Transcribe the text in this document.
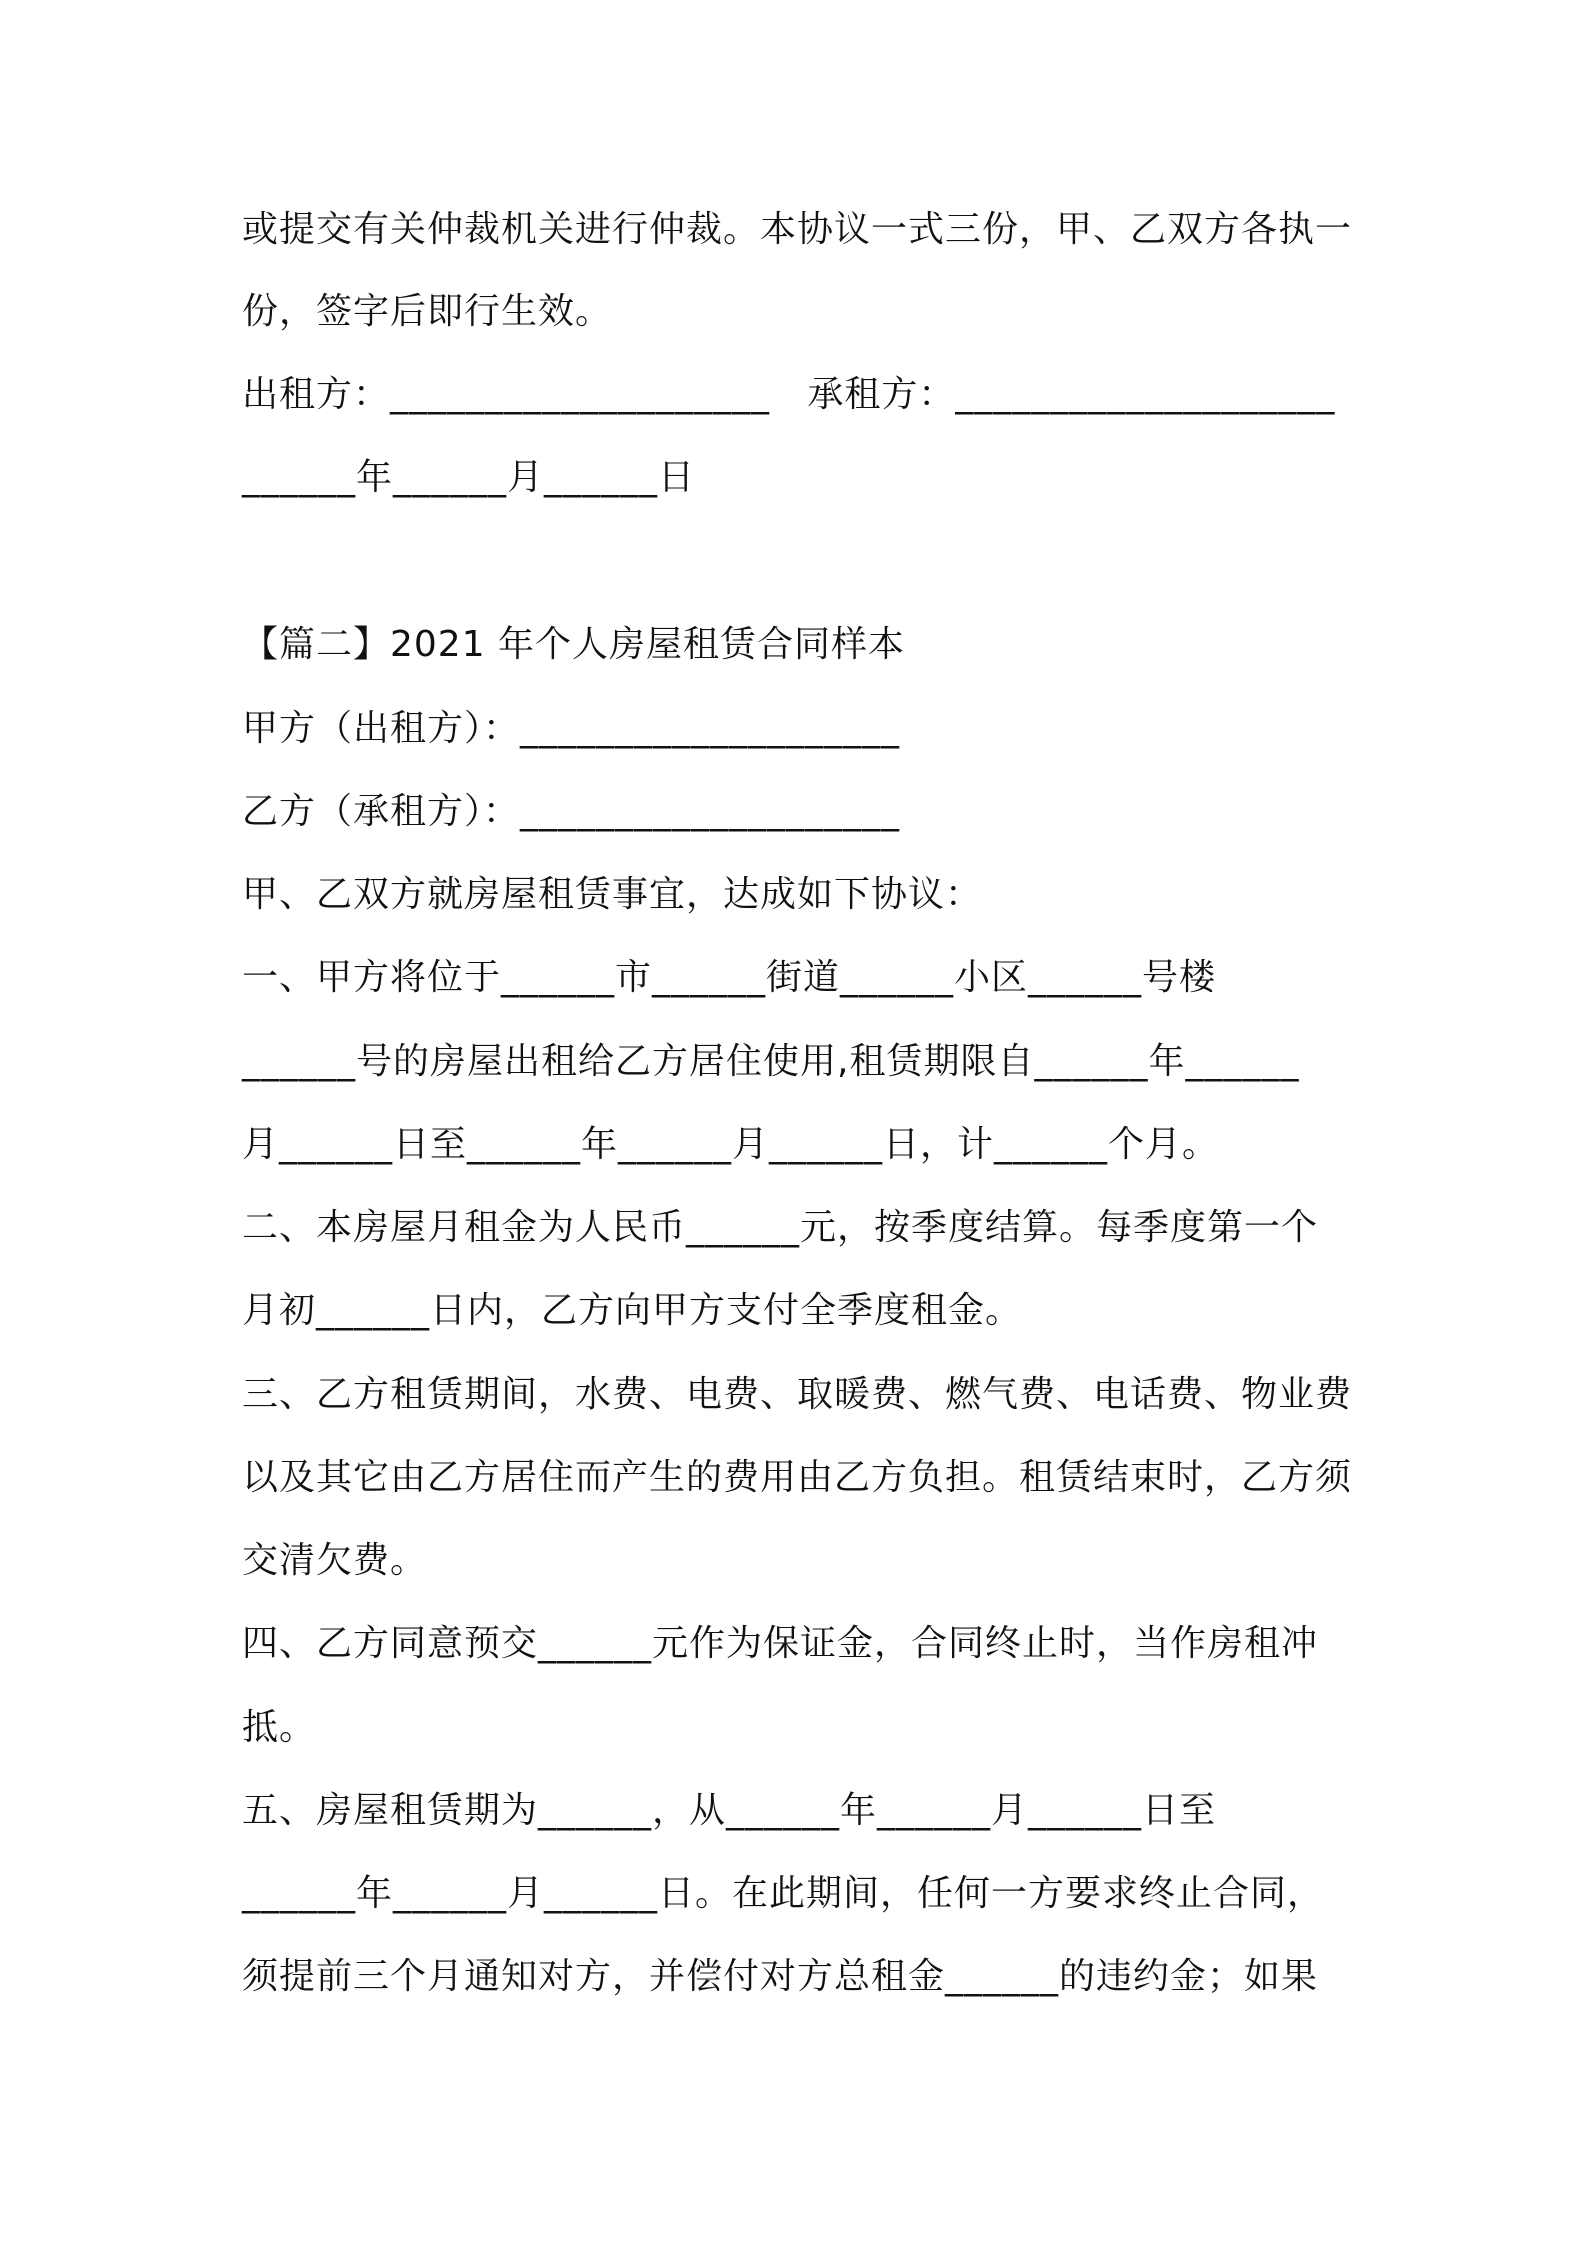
或提交有关仲裁机关进行仲裁。本协议一式三份，甲、乙双方各执一
份，签字后即行生效。
出租方：____________________   承租方：____________________
______年______月______日
【篇二】2021 年个人房屋租赁合同样本
甲方（出租方）：____________________
乙方（承租方）：____________________
甲、乙双方就房屋租赁事宜，达成如下协议：
一、甲方将位于______市______街道______小区______号楼
______号的房屋出租给乙方居住使用,租赁期限自______年______
月______日至______年______月______日，计______个月。
二、本房屋月租金为人民币______元，按季度结算。每季度第一个
月初______日内，乙方向甲方支付全季度租金。
三、乙方租赁期间，水费、电费、取暖费、燃气费、电话费、物业费
以及其它由乙方居住而产生的费用由乙方负担。租赁结束时，乙方须
交清欠费。
四、乙方同意预交______元作为保证金，合同终止时，当作房租冲
抵。
五、房屋租赁期为______，从______年______月______日至
______年______月______日。在此期间，任何一方要求终止合同，
须提前三个月通知对方，并偿付对方总租金______的违约金；如果
